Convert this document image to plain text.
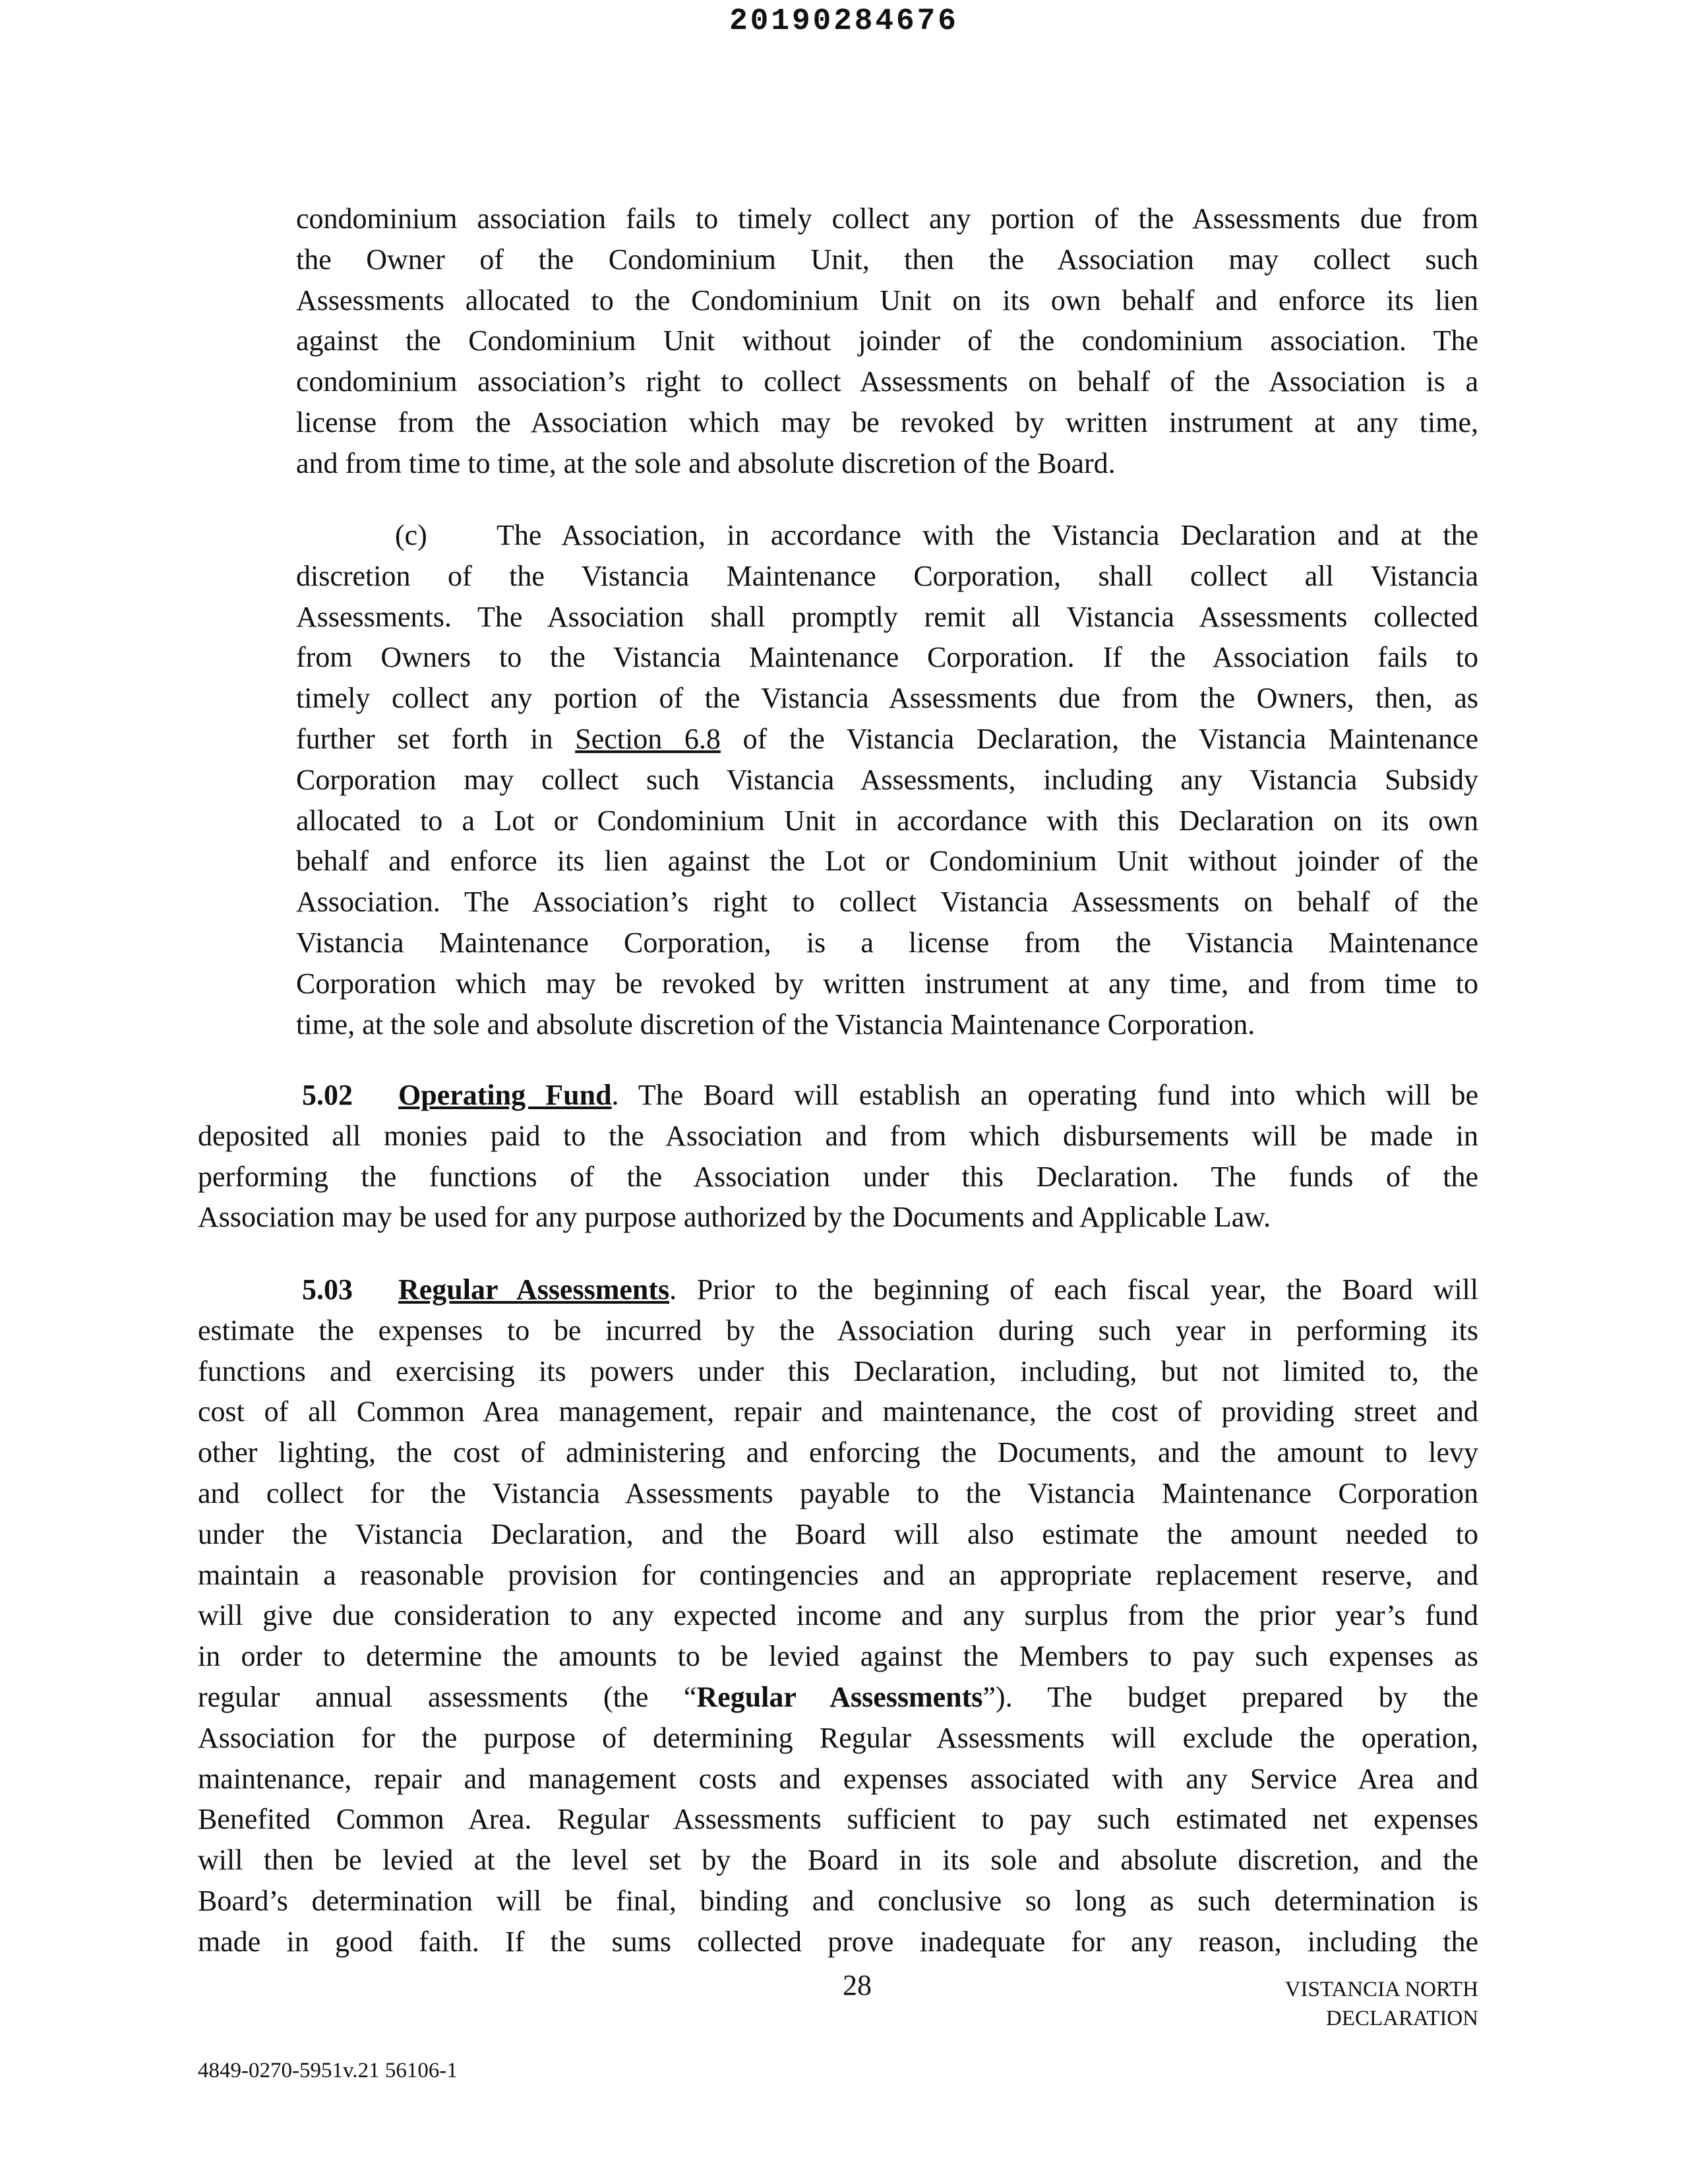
20190284676
condominium association fails to timely collect any portion of the Assessments due from
the Owner of the Condominium Unit, then the Association may collect such
Assessments allocated to the Condominium Unit on its own behalf and enforce its lien
against the Condominium Unit without joinder of the condominium association. The
condominium association’s right to collect Assessments on behalf of the Association is a
license from the Association which may be revoked by written instrument at any time,
and from time to time, at the sole and absolute discretion of the Board.
(c) The Association, in accordance with the Vistancia Declaration and at the
discretion of the Vistancia Maintenance Corporation, shall collect all Vistancia
Assessments. The Association shall promptly remit all Vistancia Assessments collected
from Owners to the Vistancia Maintenance Corporation. If the Association fails to
timely collect any portion of the Vistancia Assessments due from the Owners, then, as
further set forth in Section 6.8 of the Vistancia Declaration, the Vistancia Maintenance
Corporation may collect such Vistancia Assessments, including any Vistancia Subsidy
allocated to a Lot or Condominium Unit in accordance with this Declaration on its own
behalf and enforce its lien against the Lot or Condominium Unit without joinder of the
Association. The Association’s right to collect Vistancia Assessments on behalf of the
Vistancia Maintenance Corporation, is a license from the Vistancia Maintenance
Corporation which may be revoked by written instrument at any time, and from time to
time, at the sole and absolute discretion of the Vistancia Maintenance Corporation.
5.02 Operating Fund. The Board will establish an operating fund into which will be
deposited all monies paid to the Association and from which disbursements will be made in
performing the functions of the Association under this Declaration. The funds of the
Association may be used for any purpose authorized by the Documents and Applicable Law.
5.03 Regular Assessments. Prior to the beginning of each fiscal year, the Board will
estimate the expenses to be incurred by the Association during such year in performing its
functions and exercising its powers under this Declaration, including, but not limited to, the
cost of all Common Area management, repair and maintenance, the cost of providing street and
other lighting, the cost of administering and enforcing the Documents, and the amount to levy
and collect for the Vistancia Assessments payable to the Vistancia Maintenance Corporation
under the Vistancia Declaration, and the Board will also estimate the amount needed to
maintain a reasonable provision for contingencies and an appropriate replacement reserve, and
will give due consideration to any expected income and any surplus from the prior year’s fund
in order to determine the amounts to be levied against the Members to pay such expenses as
regular annual assessments (the “Regular Assessments”). The budget prepared by the
Association for the purpose of determining Regular Assessments will exclude the operation,
maintenance, repair and management costs and expenses associated with any Service Area and
Benefited Common Area. Regular Assessments sufficient to pay such estimated net expenses
will then be levied at the level set by the Board in its sole and absolute discretion, and the
Board’s determination will be final, binding and conclusive so long as such determination is
made in good faith. If the sums collected prove inadequate for any reason, including the
28	VISTANCIA NORTH
DECLARATION
4849-0270-5951v.21 56106-1
